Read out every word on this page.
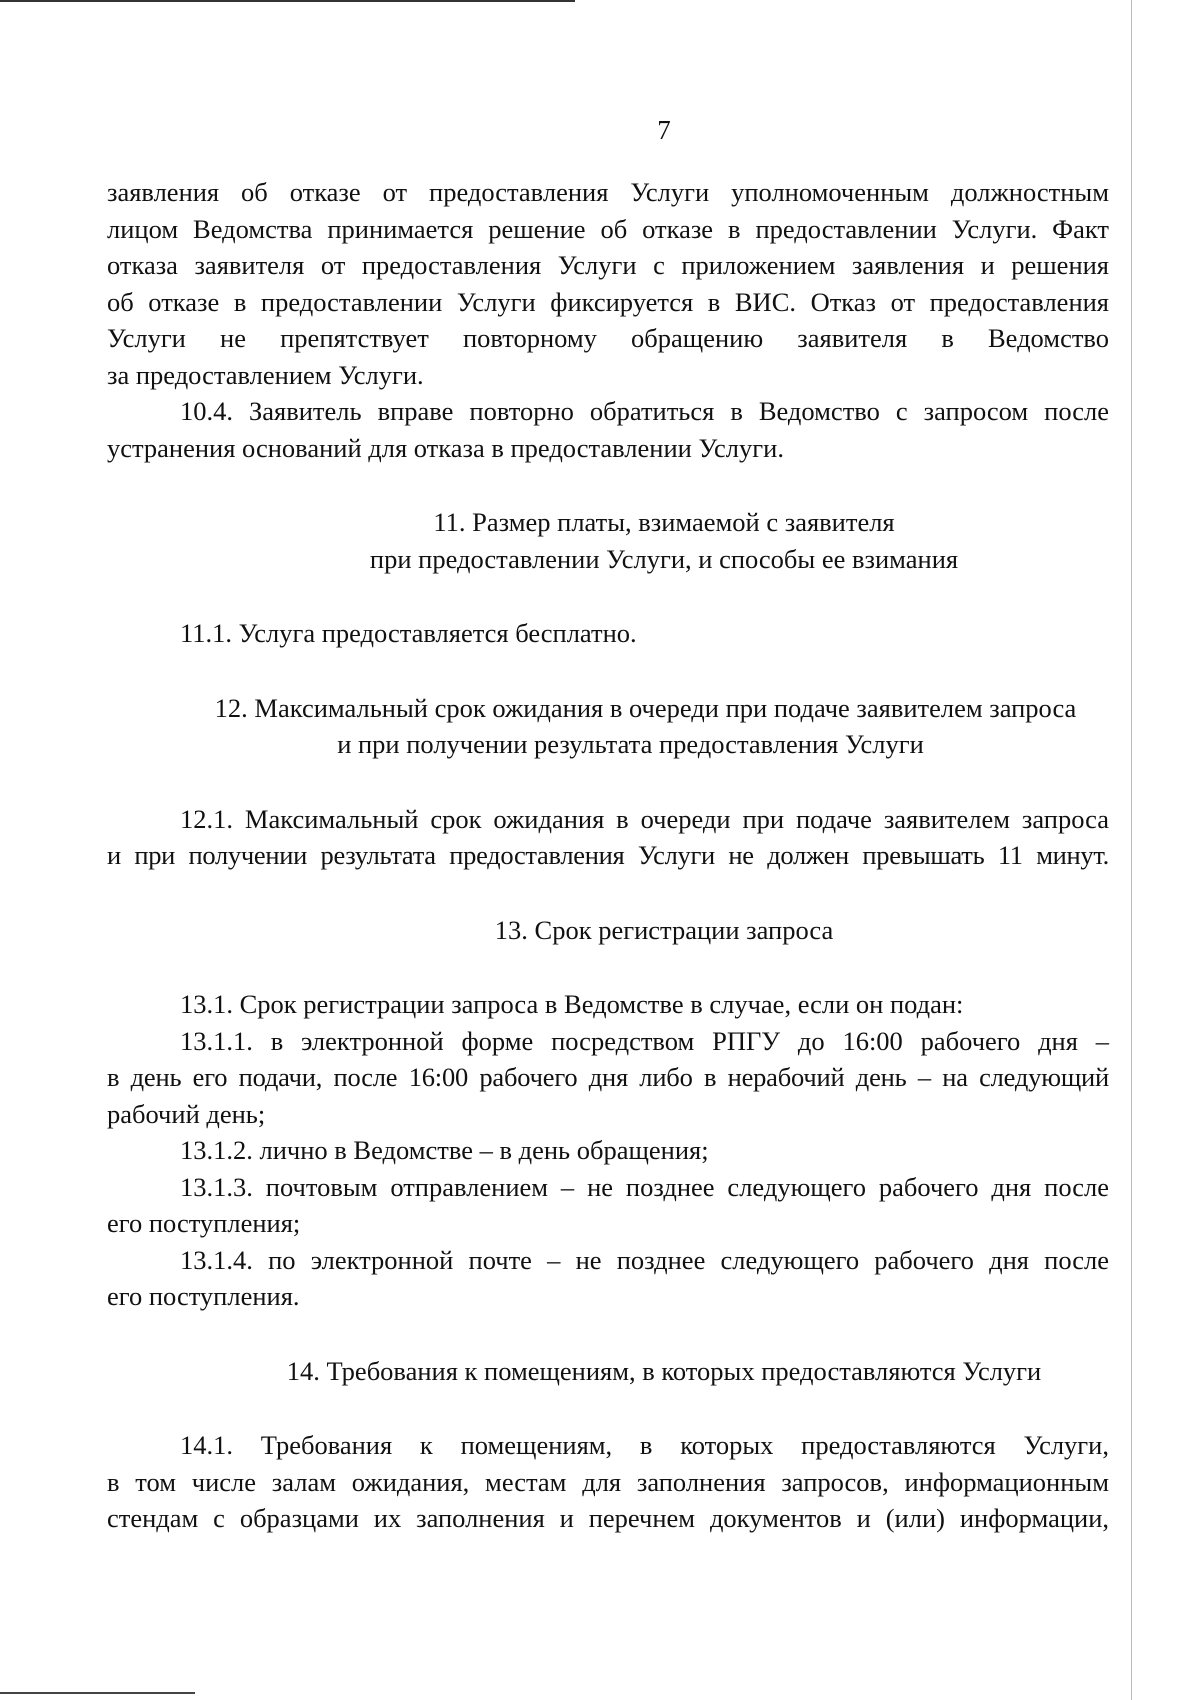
7

заявления об отказе от предоставления Услуги уполномоченным должностным

лицом Ведомства принимается решение об отказе в предоставлении Услуги. Факт

отказа заявителя от предоставления Услуги с приложением заявления и решения

об отказе в предоставлении Услуги фиксируется в ВИС. Отказ от предоставления

Услуги не препятствует повторному обращению заявителя в Ведомство

за предоставлением Услуги.

10.4. Заявитель вправе повторно обратиться в Ведомство с запросом после

устранения оснований для отказа в предоставлении Услуги.

11. Размер платы, взимаемой с заявителя

при предоставлении Услуги, и способы ее взимания

11.1. Услуга предоставляется бесплатно.

12. Максимальный срок ожидания в очереди при подаче заявителем запроса

и при получении результата предоставления Услуги

12.1. Максимальный срок ожидания в очереди при подаче заявителем запроса

и при получении результата предоставления Услуги не должен превышать 11 минут.

13. Срок регистрации запроса

13.1. Срок регистрации запроса в Ведомстве в случае, если он подан:

13.1.1. в электронной форме посредством РПГУ до 16:00 рабочего дня –

в день его подачи, после 16:00 рабочего дня либо в нерабочий день – на следующий

рабочий день;

13.1.2. лично в Ведомстве – в день обращения;

13.1.3. почтовым отправлением – не позднее следующего рабочего дня после

его поступления;

13.1.4. по электронной почте – не позднее следующего рабочего дня после

его поступления.

14. Требования к помещениям, в которых предоставляются Услуги

14.1. Требования к помещениям, в которых предоставляются Услуги,

в том числе залам ожидания, местам для заполнения запросов, информационным

стендам с образцами их заполнения и перечнем документов и (или) информации,
